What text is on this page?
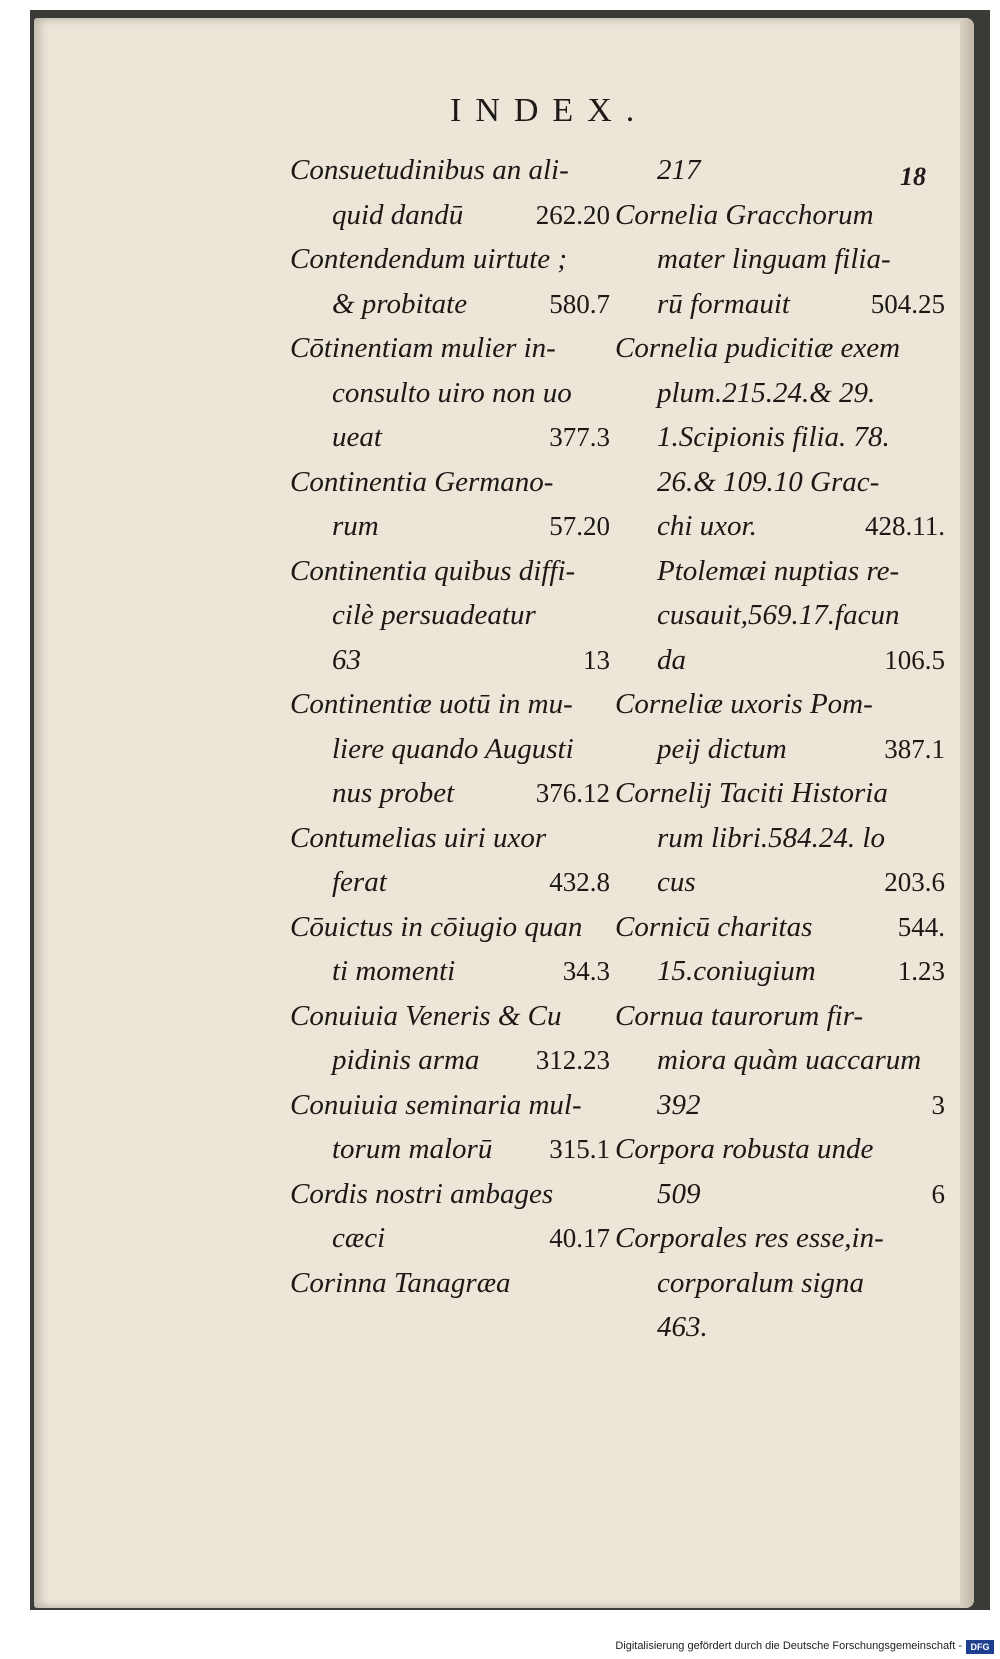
INDEX.
18
Consuetudinibus an ali-
quid dandū	262.20
Contendendum uirtute ;
& probitate	580.7
Cōtinentiam mulier in-
consulto uiro non uo
ueat	377.3
Continentia Germano-
rum	57.20
Continentia quibus diffi-
cilè persuadeatur
63	13
Continentiæ uotū in mu-
liere quando Augusti
nus probet	376.12
Contumelias uiri uxor
ferat	432.8
Cōuictus in cōiugio quan
ti momenti	34.3
Conuiuia Veneris & Cu
pidinis arma	312.23
Conuiuia seminaria mul-
torum malorū	315.1
Cordis nostri ambages
cæci	40.17
Corinna Tanagræa
217
Cornelia Gracchorum
mater linguam filia-
rū formauit	504.25
Cornelia pudicitiæ exem
plum.215.24.& 29.
1.Scipionis filia. 78.
26.& 109.10 Grac-
chi uxor.	428.11.
Ptolemæi nuptias re-
cusauit,569.17.facun
da	106.5
Corneliæ uxoris Pom-
peij dictum	387.1
Cornelij Taciti Historia
rum libri.584.24. lo
cus	203.6
Cornicū charitas	544.
15.coniugium	1.23
Cornua taurorum fir-
miora quàm uaccarum
392	3
Corpora robusta unde
509	6
Corporales res esse,in-
corporalum signa
463.
Digitalisierung gefördert durch die Deutsche Forschungsgemeinschaft - DFG
